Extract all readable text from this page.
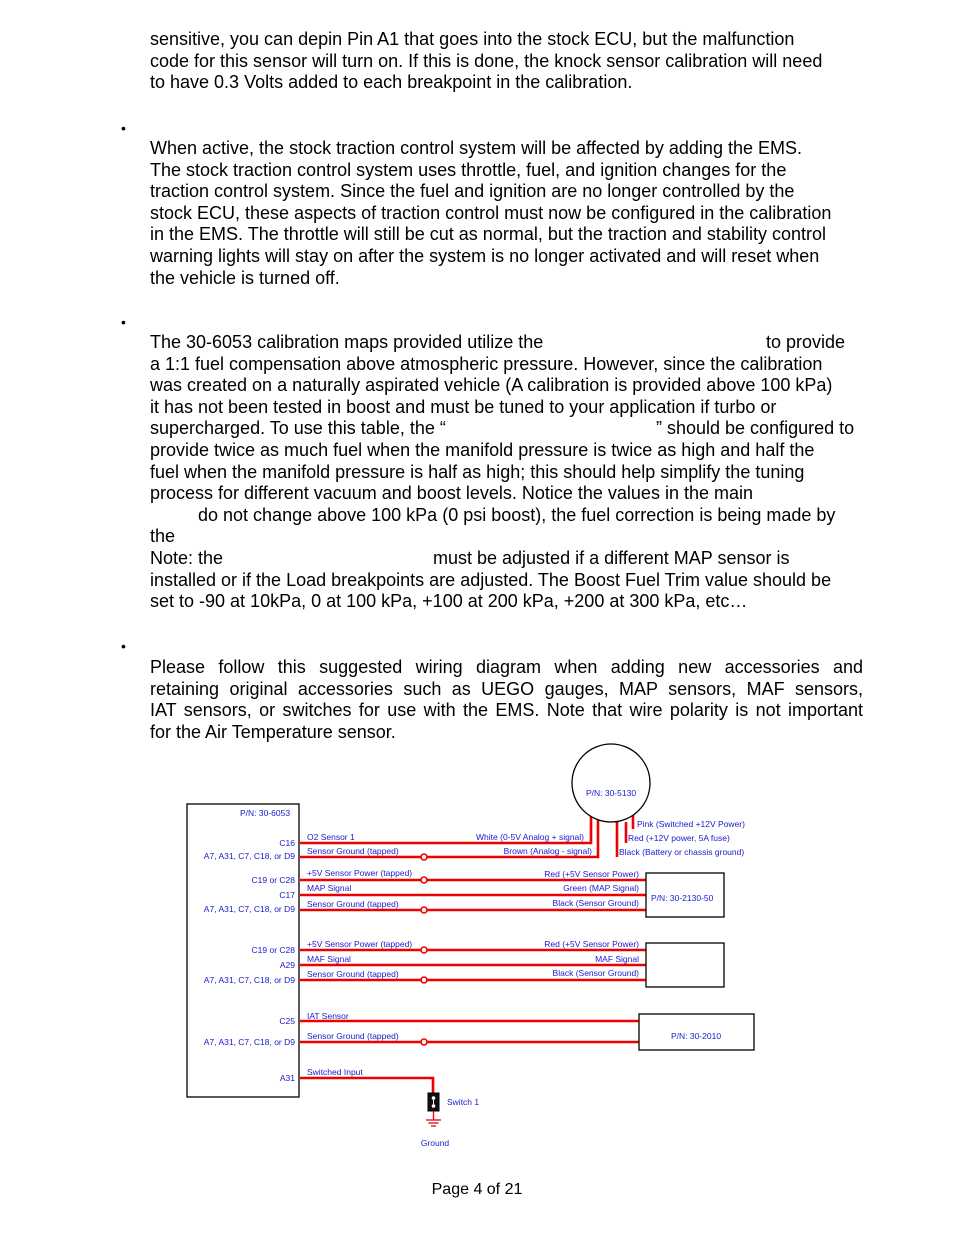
sensitive, you can depin Pin A1 that goes into the stock ECU, but the malfunction
code for this sensor will turn on. If this is done, the knock sensor calibration will need
to have 0.3 Volts added to each breakpoint in the calibration.
•
When active, the stock traction control system will be affected by adding the EMS.
The stock traction control system uses throttle, fuel, and ignition changes for the
traction control system. Since the fuel and ignition are no longer controlled by the
stock ECU, these aspects of traction control must now be configured in the calibration
in the EMS. The throttle will still be cut as normal, but the traction and stability control
warning lights will stay on after the system is no longer activated and will reset when
the vehicle is turned off.
•
The 30-6053 calibration maps provided utilize the	to provide
a 1:1 fuel compensation above atmospheric pressure. However, since the calibration
was created on a naturally aspirated vehicle (A calibration is provided above 100 kPa)
it has not been tested in boost and must be tuned to your application if turbo or
supercharged. To use this table, the “	” should be configured to
provide twice as much fuel when the manifold pressure is twice as high and half the
fuel when the manifold pressure is half as high; this should help simplify the tuning
process for different vacuum and boost levels. Notice the values in the main
do not change above 100 kPa (0 psi boost), the fuel correction is being made by
the
Note: the	must be adjusted if a different MAP sensor is
installed or if the Load breakpoints are adjusted. The Boost Fuel Trim value should be
set to -90 at 10kPa, 0 at 100 kPa, +100 at 200 kPa, +200 at 300 kPa, etc…
•
Please follow this suggested wiring diagram when adding new accessories and
retaining original accessories such as UEGO gauges, MAP sensors, MAF sensors,
IAT sensors, or switches for use with the EMS. Note that wire polarity is not important
for the Air Temperature sensor.
P/N: 30-6053
C16
A7, A31, C7, C18, or D9
C19 or C28
C17
A7, A31, C7, C18, or D9
C19 or C28
A29
A7, A31, C7, C18, or D9
C25
A7, A31, C7, C18, or D9
A31
O2 Sensor 1
Sensor Ground (tapped)
+5V Sensor Power (tapped)
MAP Signal
Sensor Ground (tapped)
+5V Sensor Power (tapped)
MAF Signal
Sensor Ground (tapped)
IAT Sensor
Sensor Ground (tapped)
Switched Input
White (0-5V Analog + signal)
Brown (Analog - signal)
Pink (Switched +12V Power)
Red (+12V power, 5A fuse)
Black (Battery or chassis ground)
Red (+5V Sensor Power)
Green (MAP Signal)
Black (Sensor Ground)
Red (+5V Sensor Power)
MAF Signal
Black (Sensor Ground)
P/N: 30-5130
P/N: 30-2130-50
P/N: 30-2010
Switch 1
Ground
Page 4 of 21
